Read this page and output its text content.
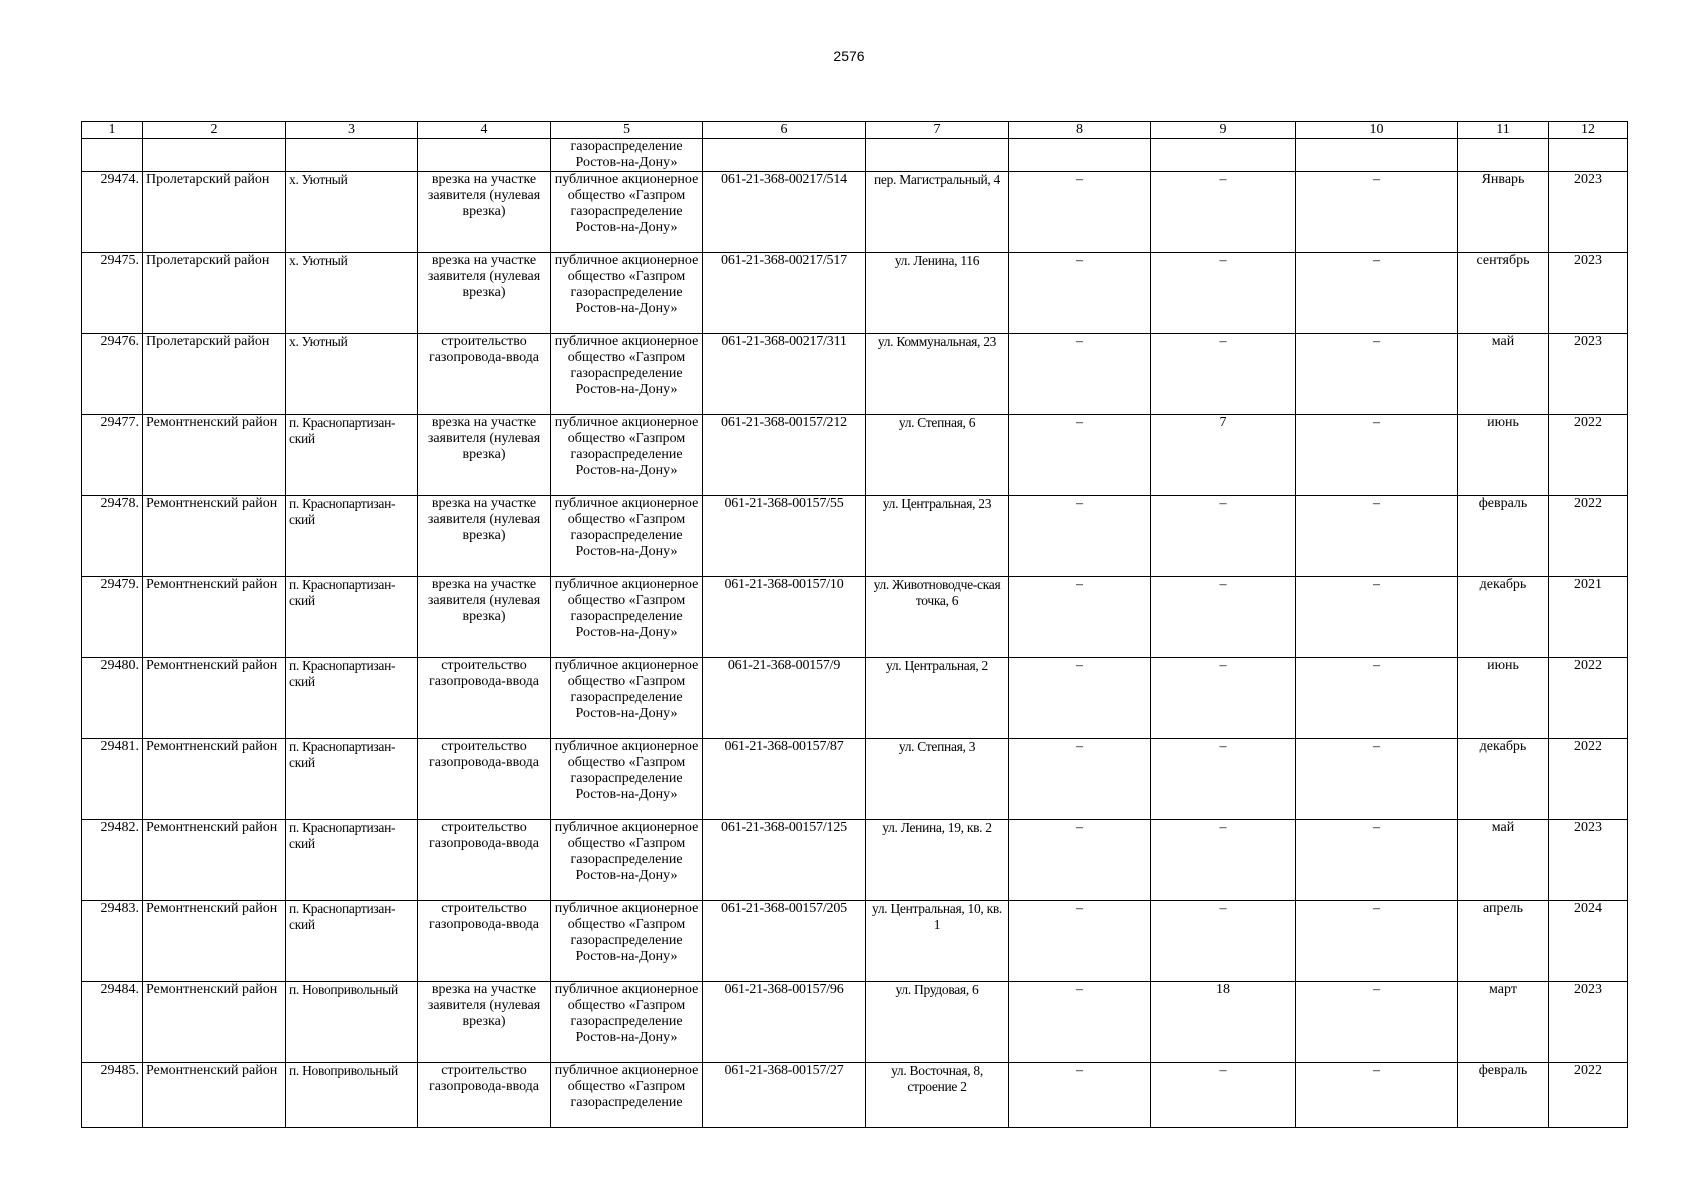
2576
1	2	3	4	5	6	7	8	9	10	11	12
				газораспределение Ростов-на-Дону»							
29474.	Пролетарский район	х. Уютный	врезка на участке заявителя (нулевая врезка)	публичное акционерное общество «Газпром газораспределение Ростов-на-Дону»	061-21-368-00217/514	пер. Магистральный, 4	–	–	–	Январь	2023
29475.	Пролетарский район	х. Уютный	врезка на участке заявителя (нулевая врезка)	публичное акционерное общество «Газпром газораспределение Ростов-на-Дону»	061-21-368-00217/517	ул. Ленина, 116	–	–	–	сентябрь	2023
29476.	Пролетарский район	х. Уютный	строительство газопровода-ввода	публичное акционерное общество «Газпром газораспределение Ростов-на-Дону»	061-21-368-00217/311	ул. Коммунальная, 23	–	–	–	май	2023
29477.	Ремонтненский район	п. Краснопартизан-ский	врезка на участке заявителя (нулевая врезка)	публичное акционерное общество «Газпром газораспределение Ростов-на-Дону»	061-21-368-00157/212	ул. Степная, 6	–	7	–	июнь	2022
29478.	Ремонтненский район	п. Краснопартизан-ский	врезка на участке заявителя (нулевая врезка)	публичное акционерное общество «Газпром газораспределение Ростов-на-Дону»	061-21-368-00157/55	ул. Центральная, 23	–	–	–	февраль	2022
29479.	Ремонтненский район	п. Краснопартизан-ский	врезка на участке заявителя (нулевая врезка)	публичное акционерное общество «Газпром газораспределение Ростов-на-Дону»	061-21-368-00157/10	ул. Животноводче-ская точка, 6	–	–	–	декабрь	2021
29480.	Ремонтненский район	п. Краснопартизан-ский	строительство газопровода-ввода	публичное акционерное общество «Газпром газораспределение Ростов-на-Дону»	061-21-368-00157/9	ул. Центральная, 2	–	–	–	июнь	2022
29481.	Ремонтненский район	п. Краснопартизан-ский	строительство газопровода-ввода	публичное акционерное общество «Газпром газораспределение Ростов-на-Дону»	061-21-368-00157/87	ул. Степная, 3	–	–	–	декабрь	2022
29482.	Ремонтненский район	п. Краснопартизан-ский	строительство газопровода-ввода	публичное акционерное общество «Газпром газораспределение Ростов-на-Дону»	061-21-368-00157/125	ул. Ленина, 19, кв. 2	–	–	–	май	2023
29483.	Ремонтненский район	п. Краснопартизан-ский	строительство газопровода-ввода	публичное акционерное общество «Газпром газораспределение Ростов-на-Дону»	061-21-368-00157/205	ул. Центральная, 10, кв. 1	–	–	–	апрель	2024
29484.	Ремонтненский район	п. Новопривольный	врезка на участке заявителя (нулевая врезка)	публичное акционерное общество «Газпром газораспределение Ростов-на-Дону»	061-21-368-00157/96	ул. Прудовая, 6	–	18	–	март	2023
29485.	Ремонтненский район	п. Новопривольный	строительство газопровода-ввода	публичное акционерное общество «Газпром газораспределение	061-21-368-00157/27	ул. Восточная, 8, строение 2	–	–	–	февраль	2022
